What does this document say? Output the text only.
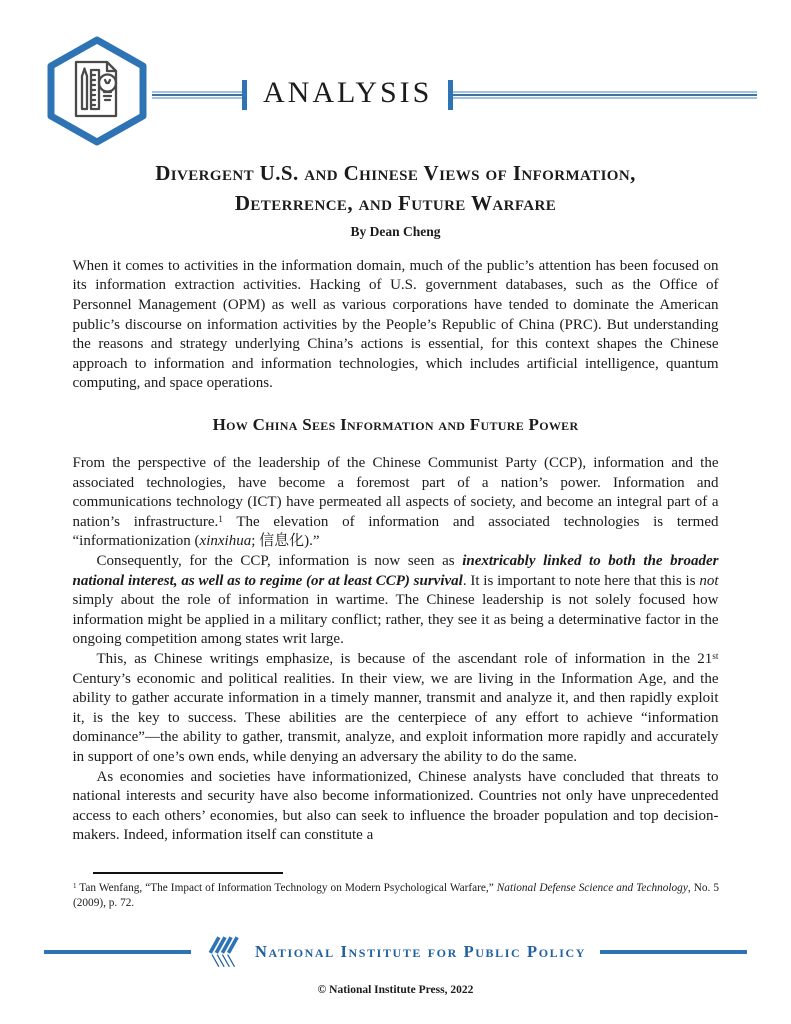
ANALYSIS
Divergent U.S. and Chinese Views of Information,
Deterrence, and Future Warfare
By Dean Cheng

When it comes to activities in the information domain, much of the public’s attention has been focused on its information extraction activities. Hacking of U.S. government databases, such as the Office of Personnel Management (OPM) as well as various corporations have tended to dominate the American public’s discourse on information activities by the People’s Republic of China (PRC). But understanding the reasons and strategy underlying China’s actions is essential, for this context shapes the Chinese approach to information and information technologies, which includes artificial intelligence, quantum computing, and space operations.

How China Sees Information and Future Power

From the perspective of the leadership of the Chinese Communist Party (CCP), information and the associated technologies, have become a foremost part of a nation’s power. Information and communications technology (ICT) have permeated all aspects of society, and become an integral part of a nation’s infrastructure.$^1$ The elevation of information and associated technologies is termed “informationization (xinxihua; 信息化).”

Consequently, for the CCP, information is now seen as inextricably linked to both the broader national interest, as well as to regime (or at least CCP) survival. It is important to note here that this is not simply about the role of information in wartime. The Chinese leadership is not solely focused how information might be applied in a military conflict; rather, they see it as being a determinative factor in the ongoing competition among states writ large.

This, as Chinese writings emphasize, is because of the ascendant role of information in the 21st Century’s economic and political realities. In their view, we are living in the Information Age, and the ability to gather accurate information in a timely manner, transmit and analyze it, and then rapidly exploit it, is the key to success. These abilities are the centerpiece of any effort to achieve “information dominance”—the ability to gather, transmit, analyze, and exploit information more rapidly and accurately in support of one’s own ends, while denying an adversary the ability to do the same.

As economies and societies have informationized, Chinese analysts have concluded that threats to national interests and security have also become informationized. Countries not only have unprecedented access to each others’ economies, but also can seek to influence the broader population and top decision-makers. Indeed, information itself can constitute a

$^1$ Tan Wenfang, “The Impact of Information Technology on Modern Psychological Warfare,” National Defense Science and Technology, No. 5 (2009), p. 72.

National Institute for Public Policy
© National Institute Press, 2022
